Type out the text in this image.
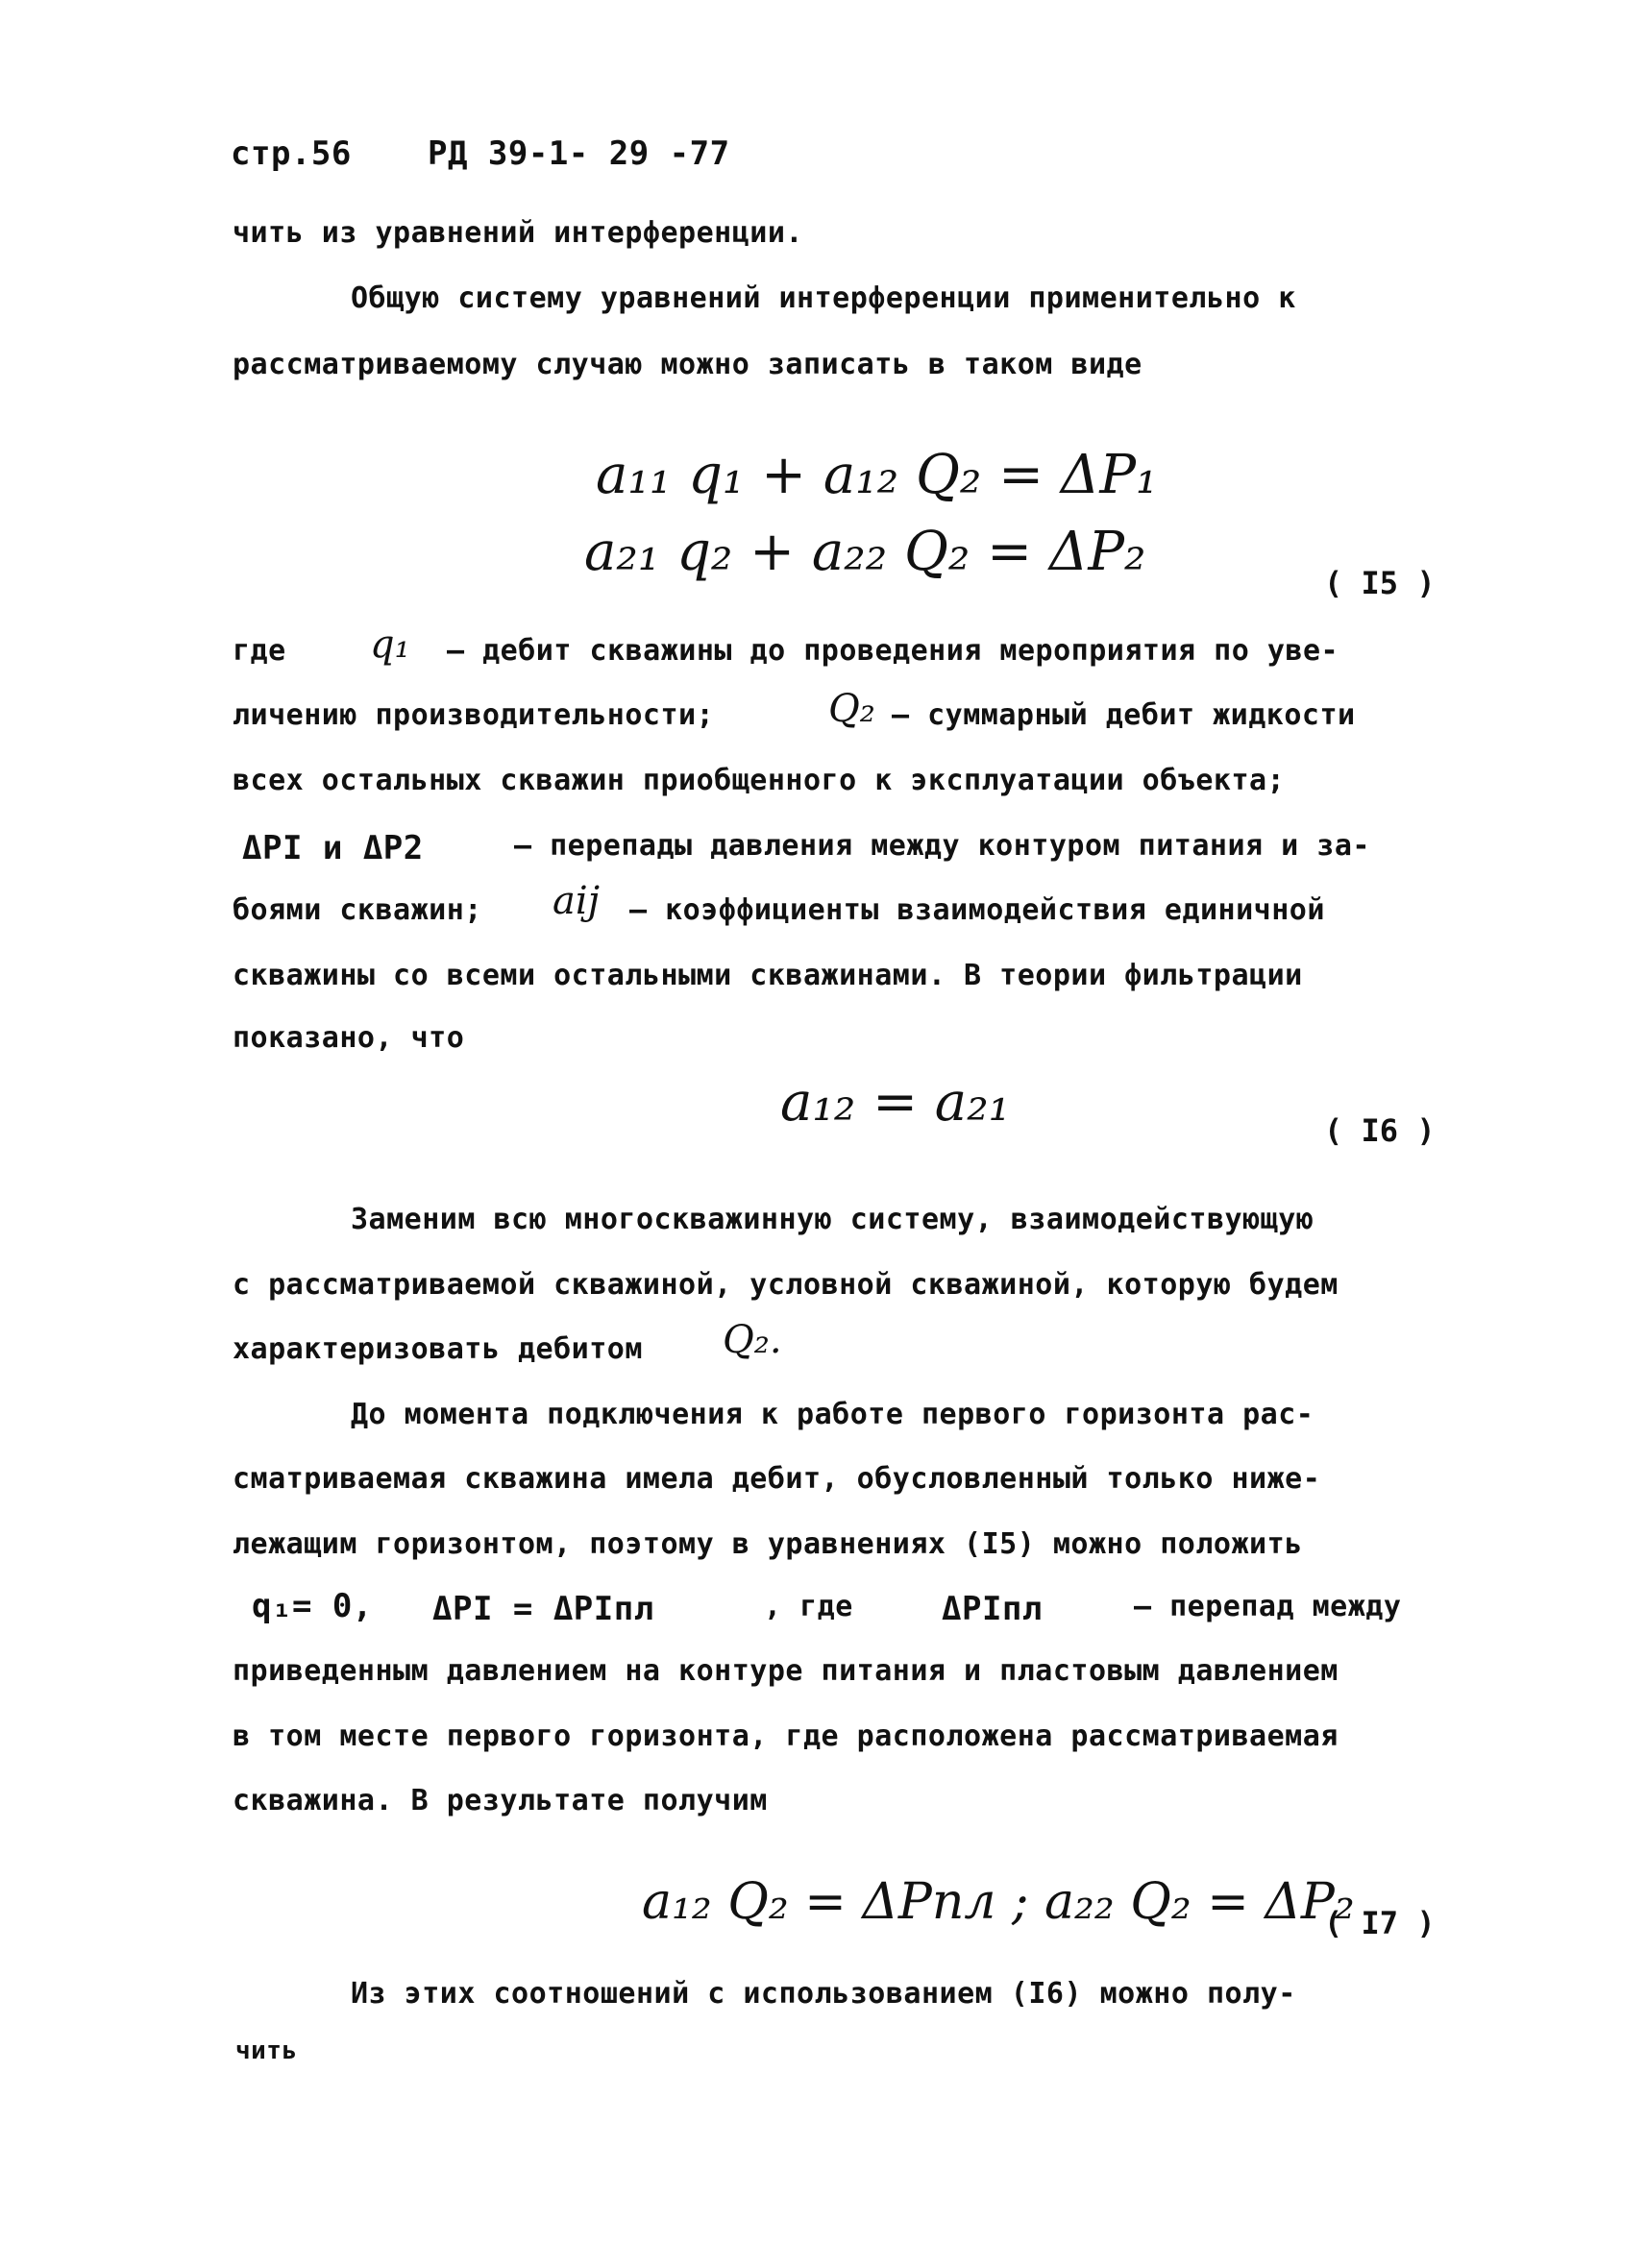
стр.56 РД 39-1- 29 -77
чить из уравнений интерференции.
Общую систему уравнений интерференции применительно к
рассматриваемому случаю можно записать в таком виде
a₁₁ q₁ + a₁₂ Q₂ = ΔP₁
a₂₁ q₂ + a₂₂ Q₂ = ΔP₂	( I5 )
где q₁ – дебит скважины до проведения мероприятия по уве-
личению производительности;	Q₂ – суммарный дебит жидкости
всех остальных скважин приобщенного к эксплуатации объекта;
ΔPI и ΔP2	– перепады давления между контуром питания и за-
боями скважин; aij – коэффициенты взаимодействия единичной
скважины со всеми остальными скважинами. В теории фильтрации
показано, что
a₁₂ = a₂₁	( I6 )
Заменим всю многоскважинную систему, взаимодействующую
с рассматриваемой скважиной, условной скважиной, которую будем
характеризовать дебитом Q₂.
До момента подключения к работе первого горизонта рас-
сматриваемая скважина имела дебит, обусловленный только ниже-
лежащим горизонтом, поэтому в уравнениях (I5) можно положить
q₁= 0, ΔPI = ΔPIпл	, где	ΔPIпл	– перепад между
приведенным давлением на контуре питания и пластовым давлением
в том месте первого горизонта, где расположена рассматриваемая
скважина. В результате получим
a₁₂ Q₂ = ΔPпл ; a₂₂ Q₂ = ΔP₂
( I7 )
Из этих соотношений с использованием (I6) можно полу-
чить
